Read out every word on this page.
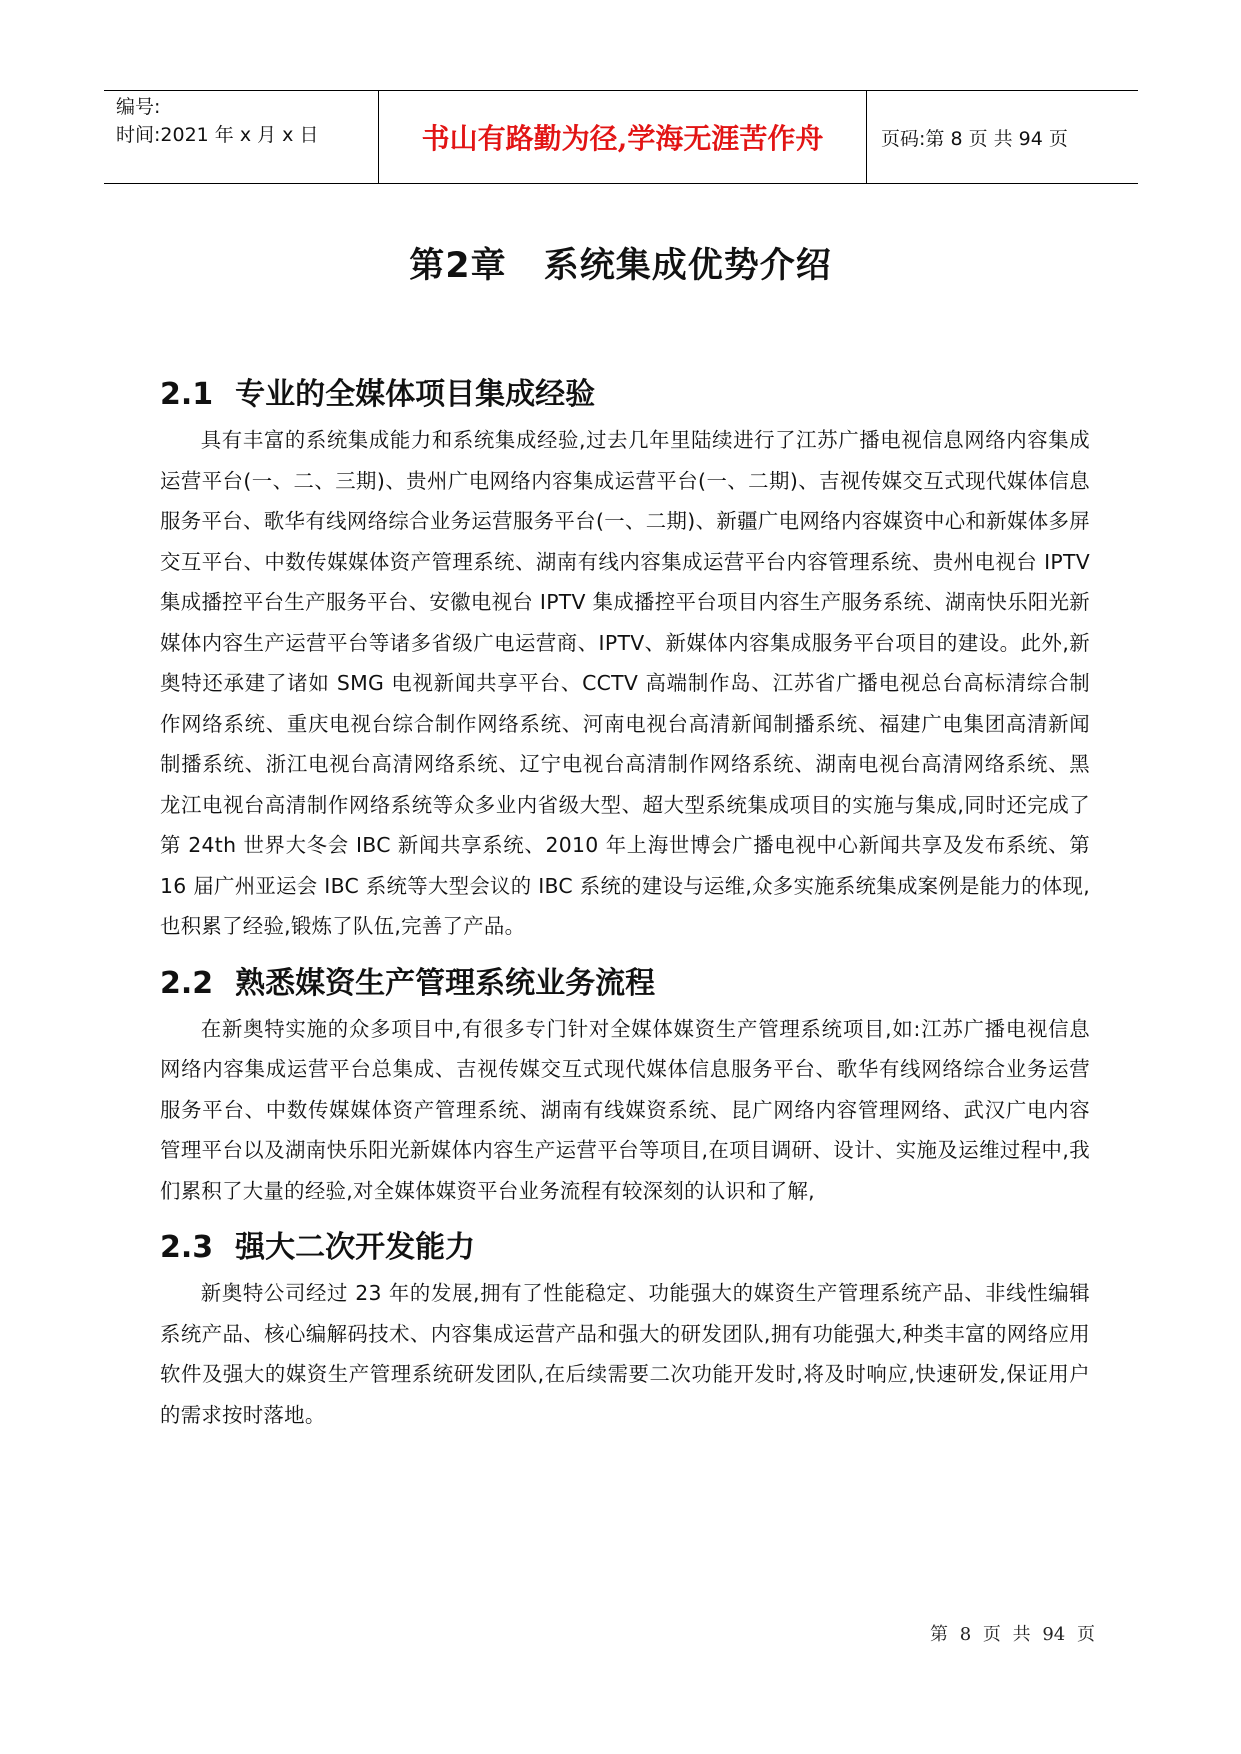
编号:
时间:2021 年 x 月 x 日	书山有路勤为径,学海无涯苦作舟	页码:第 8 页 共 94 页
第2章 系统集成优势介绍
2.1 专业的全媒体项目集成经验

具有丰富的系统集成能力和系统集成经验,过去几年里陆续进行了江苏广播电视信息网络内容集成运营平台(一、二、三期)、贵州广电网络内容集成运营平台(一、二期)、吉视传媒交互式现代媒体信息服务平台、歌华有线网络综合业务运营服务平台(一、二期)、新疆广电网络内容媒资中心和新媒体多屏交互平台、中数传媒媒体资产管理系统、湖南有线内容集成运营平台内容管理系统、贵州电视台 IPTV 集成播控平台生产服务平台、安徽电视台 IPTV 集成播控平台项目内容生产服务系统、湖南快乐阳光新媒体内容生产运营平台等诸多省级广电运营商、IPTV、新媒体内容集成服务平台项目的建设。此外,新奥特还承建了诸如 SMG 电视新闻共享平台、CCTV 高端制作岛、江苏省广播电视总台高标清综合制作网络系统、重庆电视台综合制作网络系统、河南电视台高清新闻制播系统、福建广电集团高清新闻制播系统、浙江电视台高清网络系统、辽宁电视台高清制作网络系统、湖南电视台高清网络系统、黑龙江电视台高清制作网络系统等众多业内省级大型、超大型系统集成项目的实施与集成,同时还完成了第 24th 世界大冬会 IBC 新闻共享系统、2010 年上海世博会广播电视中心新闻共享及发布系统、第 16 届广州亚运会 IBC 系统等大型会议的 IBC 系统的建设与运维,众多实施系统集成案例是能力的体现,也积累了经验,锻炼了队伍,完善了产品。

2.2 熟悉媒资生产管理系统业务流程

在新奥特实施的众多项目中,有很多专门针对全媒体媒资生产管理系统项目,如:江苏广播电视信息网络内容集成运营平台总集成、吉视传媒交互式现代媒体信息服务平台、歌华有线网络综合业务运营服务平台、中数传媒媒体资产管理系统、湖南有线媒资系统、昆广网络内容管理网络、武汉广电内容管理平台以及湖南快乐阳光新媒体内容生产运营平台等项目,在项目调研、设计、实施及运维过程中,我们累积了大量的经验,对全媒体媒资平台业务流程有较深刻的认识和了解,

2.3 强大二次开发能力

新奥特公司经过 23 年的发展,拥有了性能稳定、功能强大的媒资生产管理系统产品、非线性编辑系统产品、核心编解码技术、内容集成运营产品和强大的研发团队,拥有功能强大,种类丰富的网络应用软件及强大的媒资生产管理系统研发团队,在后续需要二次功能开发时,将及时响应,快速研发,保证用户的需求按时落地。

第 8 页 共 94 页
